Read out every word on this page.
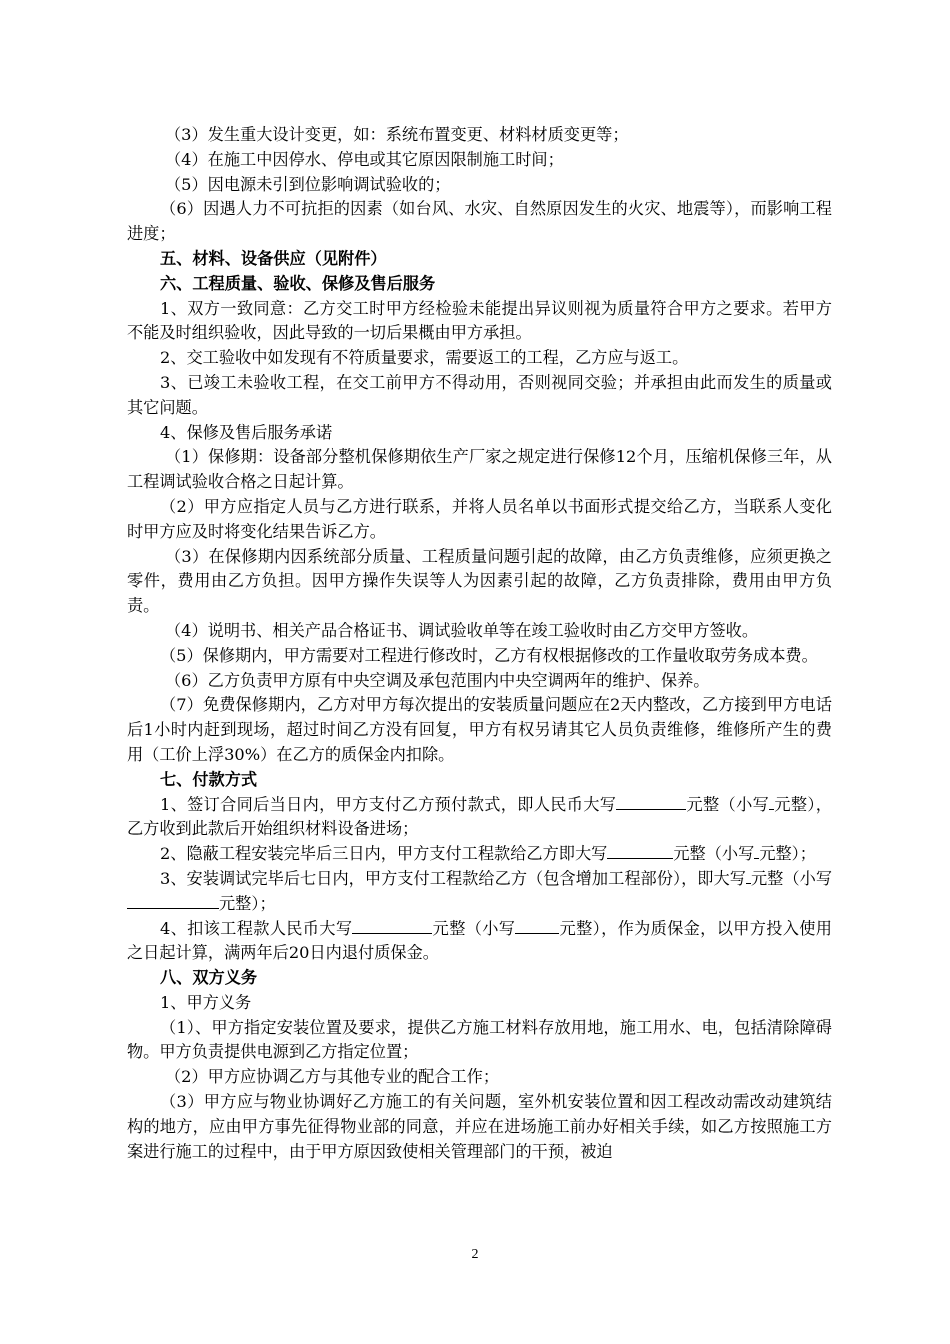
（3）发生重大设计变更，如：系统布置变更、材料材质变更等；

（4）在施工中因停水、停电或其它原因限制施工时间；

（5）因电源未引到位影响调试验收的；

（6）因遇人力不可抗拒的因素（如台风、水灾、自然原因发生的火灾、地震等），而影响工程进度；

五、材料、设备供应（见附件）

六、工程质量、验收、保修及售后服务

1、双方一致同意：乙方交工时甲方经检验未能提出异议则视为质量符合甲方之要求。若甲方不能及时组织验收，因此导致的一切后果概由甲方承担。

2、交工验收中如发现有不符质量要求，需要返工的工程，乙方应与返工。

3、已竣工未验收工程，在交工前甲方不得动用，否则视同交验；并承担由此而发生的质量或其它问题。

4、保修及售后服务承诺

（1）保修期：设备部分整机保修期依生产厂家之规定进行保修12个月，压缩机保修三年，从工程调试验收合格之日起计算。

（2）甲方应指定人员与乙方进行联系，并将人员名单以书面形式提交给乙方，当联系人变化时甲方应及时将变化结果告诉乙方。

（3）在保修期内因系统部分质量、工程质量问题引起的故障，由乙方负责维修，应须更换之零件，费用由乙方负担。因甲方操作失误等人为因素引起的故障，乙方负责排除，费用由甲方负责。

（4）说明书、相关产品合格证书、调试验收单等在竣工验收时由乙方交甲方签收。

（5）保修期内，甲方需要对工程进行修改时，乙方有权根据修改的工作量收取劳务成本费。

（6）乙方负责甲方原有中央空调及承包范围内中央空调两年的维护、保养。

（7）免费保修期内，乙方对甲方每次提出的安装质量问题应在2天内整改，乙方接到甲方电话后1小时内赶到现场，超过时间乙方没有回复，甲方有权另请其它人员负责维修，维修所产生的费用（工价上浮30%）在乙方的质保金内扣除。

七、付款方式

1、签订合同后当日内，甲方支付乙方预付款式，即人民币大写	元整（小写 元整），乙方收到此款后开始组织材料设备进场；

2、隐蔽工程安装完毕后三日内，甲方支付工程款给乙方即大写	元整（小写 元整）；

3、安装调试完毕后七日内，甲方支付工程款给乙方（包含增加工程部份），即大写 元整（小写元整）；

4、扣该工程款人民币大写	元整（小写	元整），作为质保金，以甲方投入使用之日起计算，满两年后20日内退付质保金。

八、双方义务

1、甲方义务

（1）、甲方指定安装位置及要求，提供乙方施工材料存放用地，施工用水、电，包括清除障碍物。甲方负责提供电源到乙方指定位置；

（2）甲方应协调乙方与其他专业的配合工作；

（3）甲方应与物业协调好乙方施工的有关问题，室外机安装位置和因工程改动需改动建筑结构的地方，应由甲方事先征得物业部的同意，并应在进场施工前办好相关手续，如乙方按照施工方案进行施工的过程中，由于甲方原因致使相关管理部门的干预，被迫

2
